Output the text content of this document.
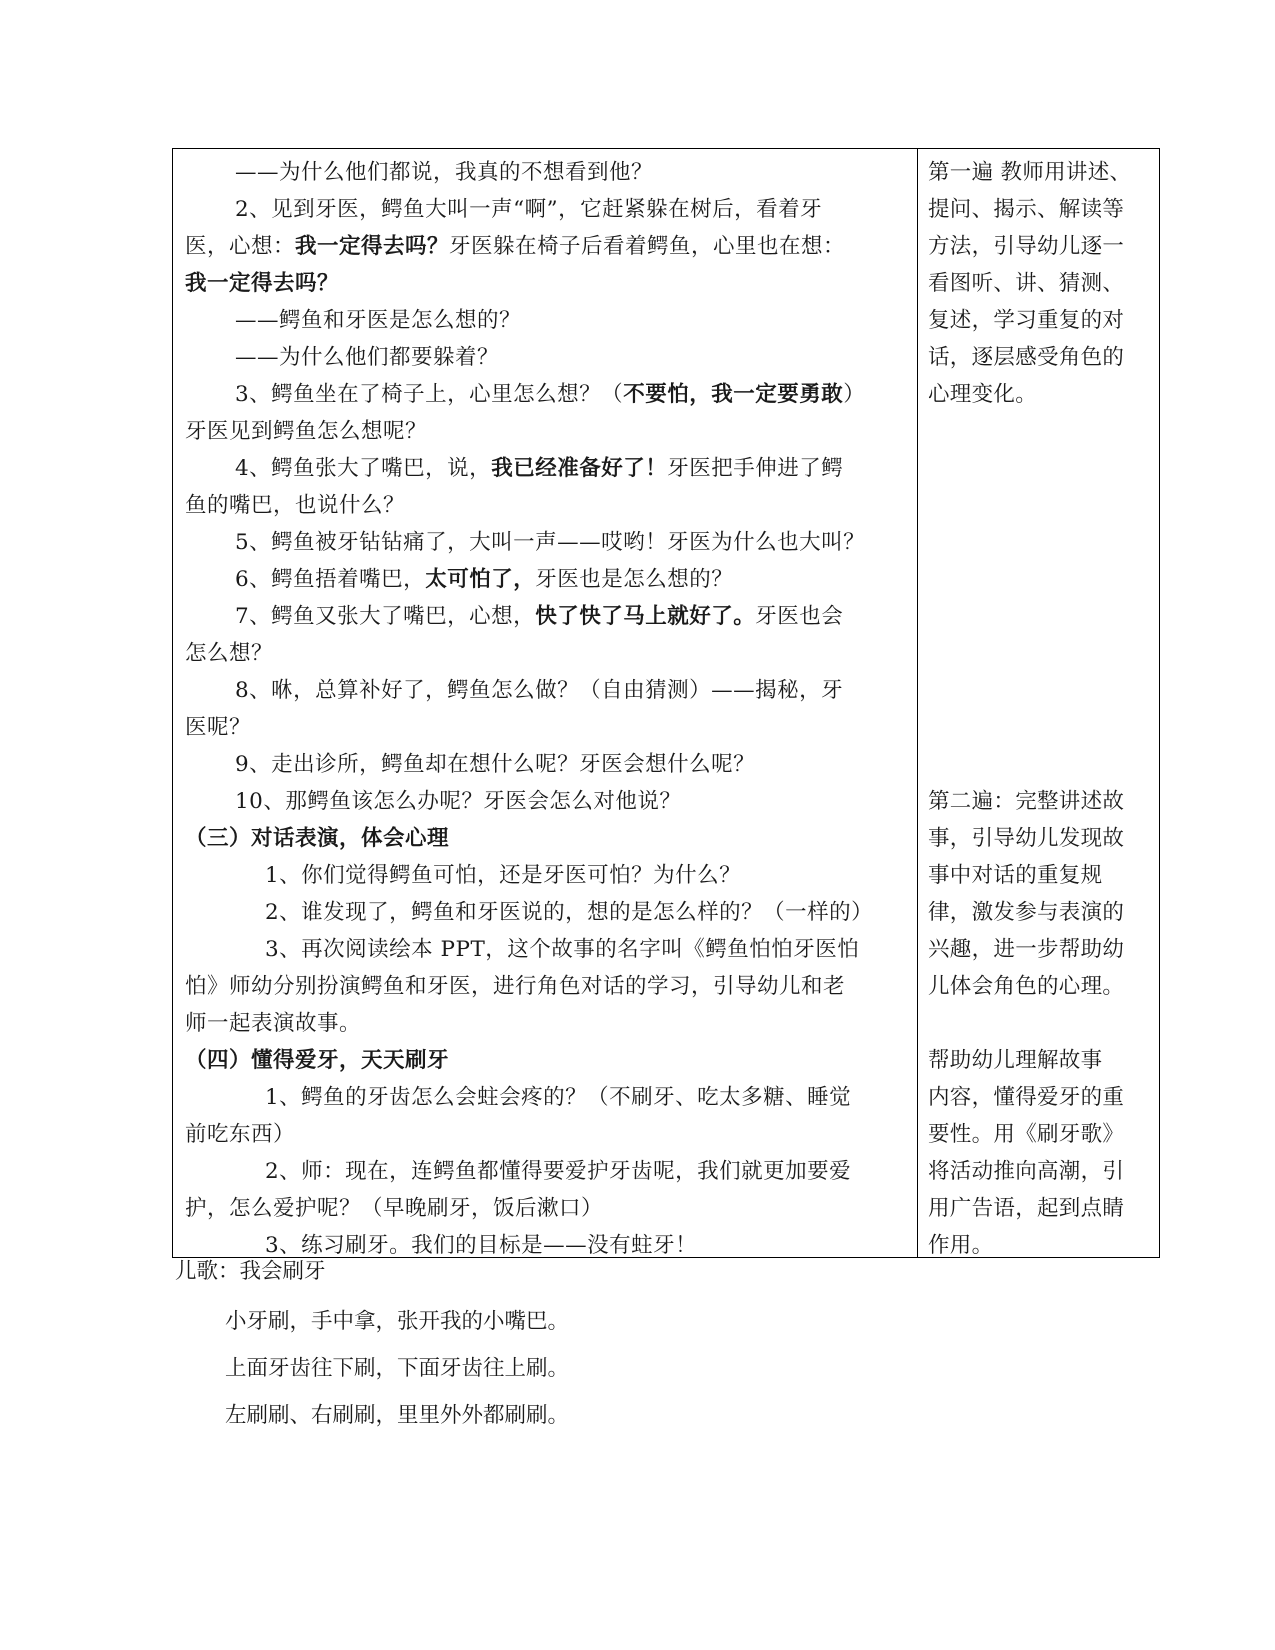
——为什么他们都说，我真的不想看到他？
2、见到牙医，鳄鱼大叫一声“啊”，它赶紧躲在树后，看着牙
医，心想：我一定得去吗？牙医躲在椅子后看着鳄鱼，心里也在想：
我一定得去吗？
——鳄鱼和牙医是怎么想的？
——为什么他们都要躲着？
3、鳄鱼坐在了椅子上，心里怎么想？（不要怕，我一定要勇敢）
牙医见到鳄鱼怎么想呢？
4、鳄鱼张大了嘴巴，说，我已经准备好了！牙医把手伸进了鳄
鱼的嘴巴，也说什么？
5、鳄鱼被牙钻钻痛了，大叫一声——哎哟！牙医为什么也大叫？
6、鳄鱼捂着嘴巴，太可怕了，牙医也是怎么想的？
7、鳄鱼又张大了嘴巴，心想，快了快了马上就好了。牙医也会
怎么想？
8、咻，总算补好了，鳄鱼怎么做？（自由猜测）——揭秘，牙
医呢？
9、走出诊所，鳄鱼却在想什么呢？牙医会想什么呢？
10、那鳄鱼该怎么办呢？牙医会怎么对他说？
（三）对话表演，体会心理
1、你们觉得鳄鱼可怕，还是牙医可怕？为什么？
2、谁发现了，鳄鱼和牙医说的，想的是怎么样的？（一样的）
3、再次阅读绘本 PPT，这个故事的名字叫《鳄鱼怕怕牙医怕
怕》师幼分别扮演鳄鱼和牙医，进行角色对话的学习，引导幼儿和老
师一起表演故事。
（四）懂得爱牙，天天刷牙
1、鳄鱼的牙齿怎么会蛀会疼的？（不刷牙、吃太多糖、睡觉
前吃东西）
2、师：现在，连鳄鱼都懂得要爱护牙齿呢，我们就更加要爱
护，怎么爱护呢？（早晚刷牙，饭后漱口）
3、练习刷牙。我们的目标是——没有蛀牙！
第一遍 教师用讲述、
提问、揭示、解读等
方法，引导幼儿逐一
看图听、讲、猜测、
复述，学习重复的对
话，逐层感受角色的
心理变化。
第二遍：完整讲述故
事，引导幼儿发现故
事中对话的重复规
律，激发参与表演的
兴趣，进一步帮助幼
儿体会角色的心理。
帮助幼儿理解故事
内容，懂得爱牙的重
要性。用《刷牙歌》
将活动推向高潮，引
用广告语，起到点睛
作用。
儿歌：我会刷牙
小牙刷，手中拿，张开我的小嘴巴。
上面牙齿往下刷，下面牙齿往上刷。
左刷刷、右刷刷，里里外外都刷刷。
